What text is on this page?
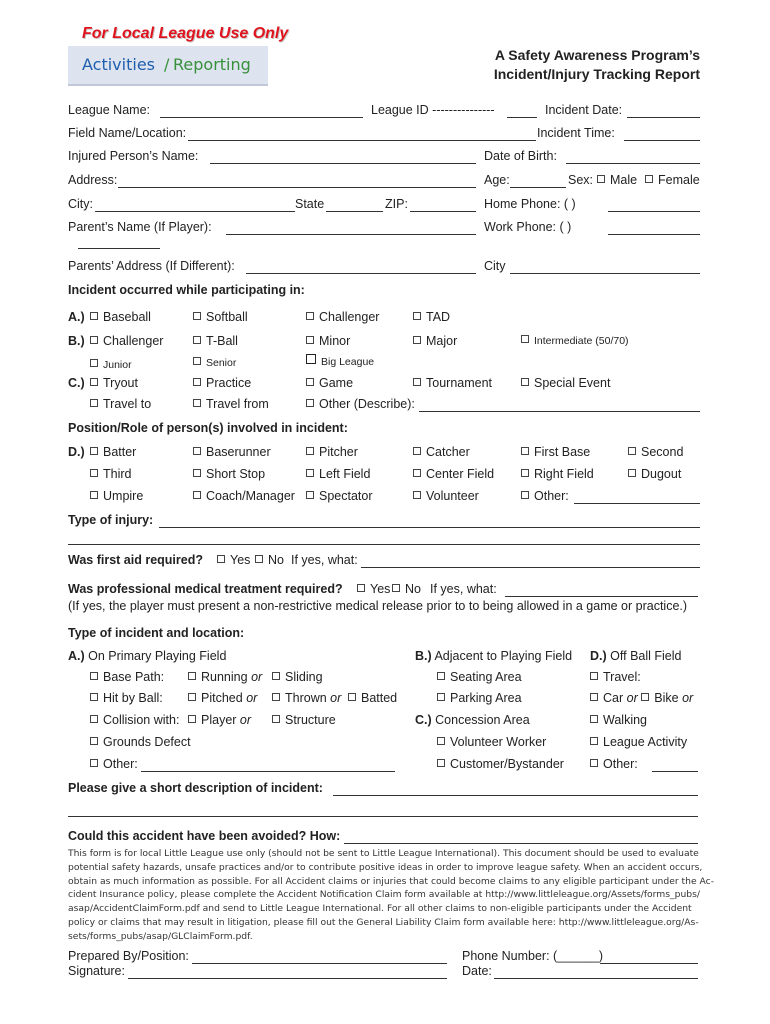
For Local League Use Only
Activities / Reporting	A Safety Awareness Program’s
Incident/Injury Tracking Report
League Name:	League ID ---------------	Incident Date:
Field Name/Location:	Incident Time:
Injured Person’s Name:	Date of Birth:
Address:	Age:	Sex:	Male	Female
City:	State	ZIP:	Home Phone: ( )
Parent’s Name (If Player):	Work Phone: ( )
Parents’ Address (If Different):	City
Incident occurred while participating in:
A.)	Baseball	Softball	Challenger	TAD
B.)	Challenger	T-Ball	Minor	Major	Intermediate (50/70)
Junior	Senior	Big League
C.)	Tryout	Practice	Game	Tournament	Special Event
Travel to	Travel from	Other (Describe):
Position/Role of person(s) involved in incident:
D.)	Batter	Baserunner	Pitcher	Catcher	First Base	Second
Third	Short Stop	Left Field	Center Field	Right Field	Dugout
Umpire	Coach/Manager	Spectator	Volunteer	Other:
Type of injury:
Was first aid required?	Yes	No If yes, what:
Was professional medical treatment required?	Yes	No If yes, what:
(If yes, the player must present a non-restrictive medical release prior to to being allowed in a game or practice.)
Type of incident and location:
A.) On Primary Playing Field	B.) Adjacent to Playing Field D.) Off Ball Field
Base Path:	Running or	Sliding	Seating Area	Travel:
Hit by Ball:	Pitched or	Thrown or	Batted	Parking Area	Car or Bike or
Collision with:	Player or	Structure	C.) Concession Area	Walking
Grounds Defect	Volunteer Worker	League Activity
Other:	Customer/Bystander	Other:
Please give a short description of incident:
Could this accident have been avoided? How:
This form is for local Little League use only (should not be sent to Little League International). This document should be used to evaluate
potential safety hazards, unsafe practices and/or to contribute positive ideas in order to improve league safety. When an accident occurs,
obtain as much information as possible. For all Accident claims or injuries that could become claims to any eligible participant under the Ac-
cident Insurance policy, please complete the Accident Notification Claim form available at http://www.littleleague.org/Assets/forms_pubs/
asap/AccidentClaimForm.pdf and send to Little League International. For all other claims to non-eligible participants under the Accident
policy or claims that may result in litigation, please fill out the General Liability Claim form available here: http://www.littleleague.org/As-
sets/forms_pubs/asap/GLClaimForm.pdf.
Prepared By/Position:
Signature:
Phone Number: (______)
Date:
